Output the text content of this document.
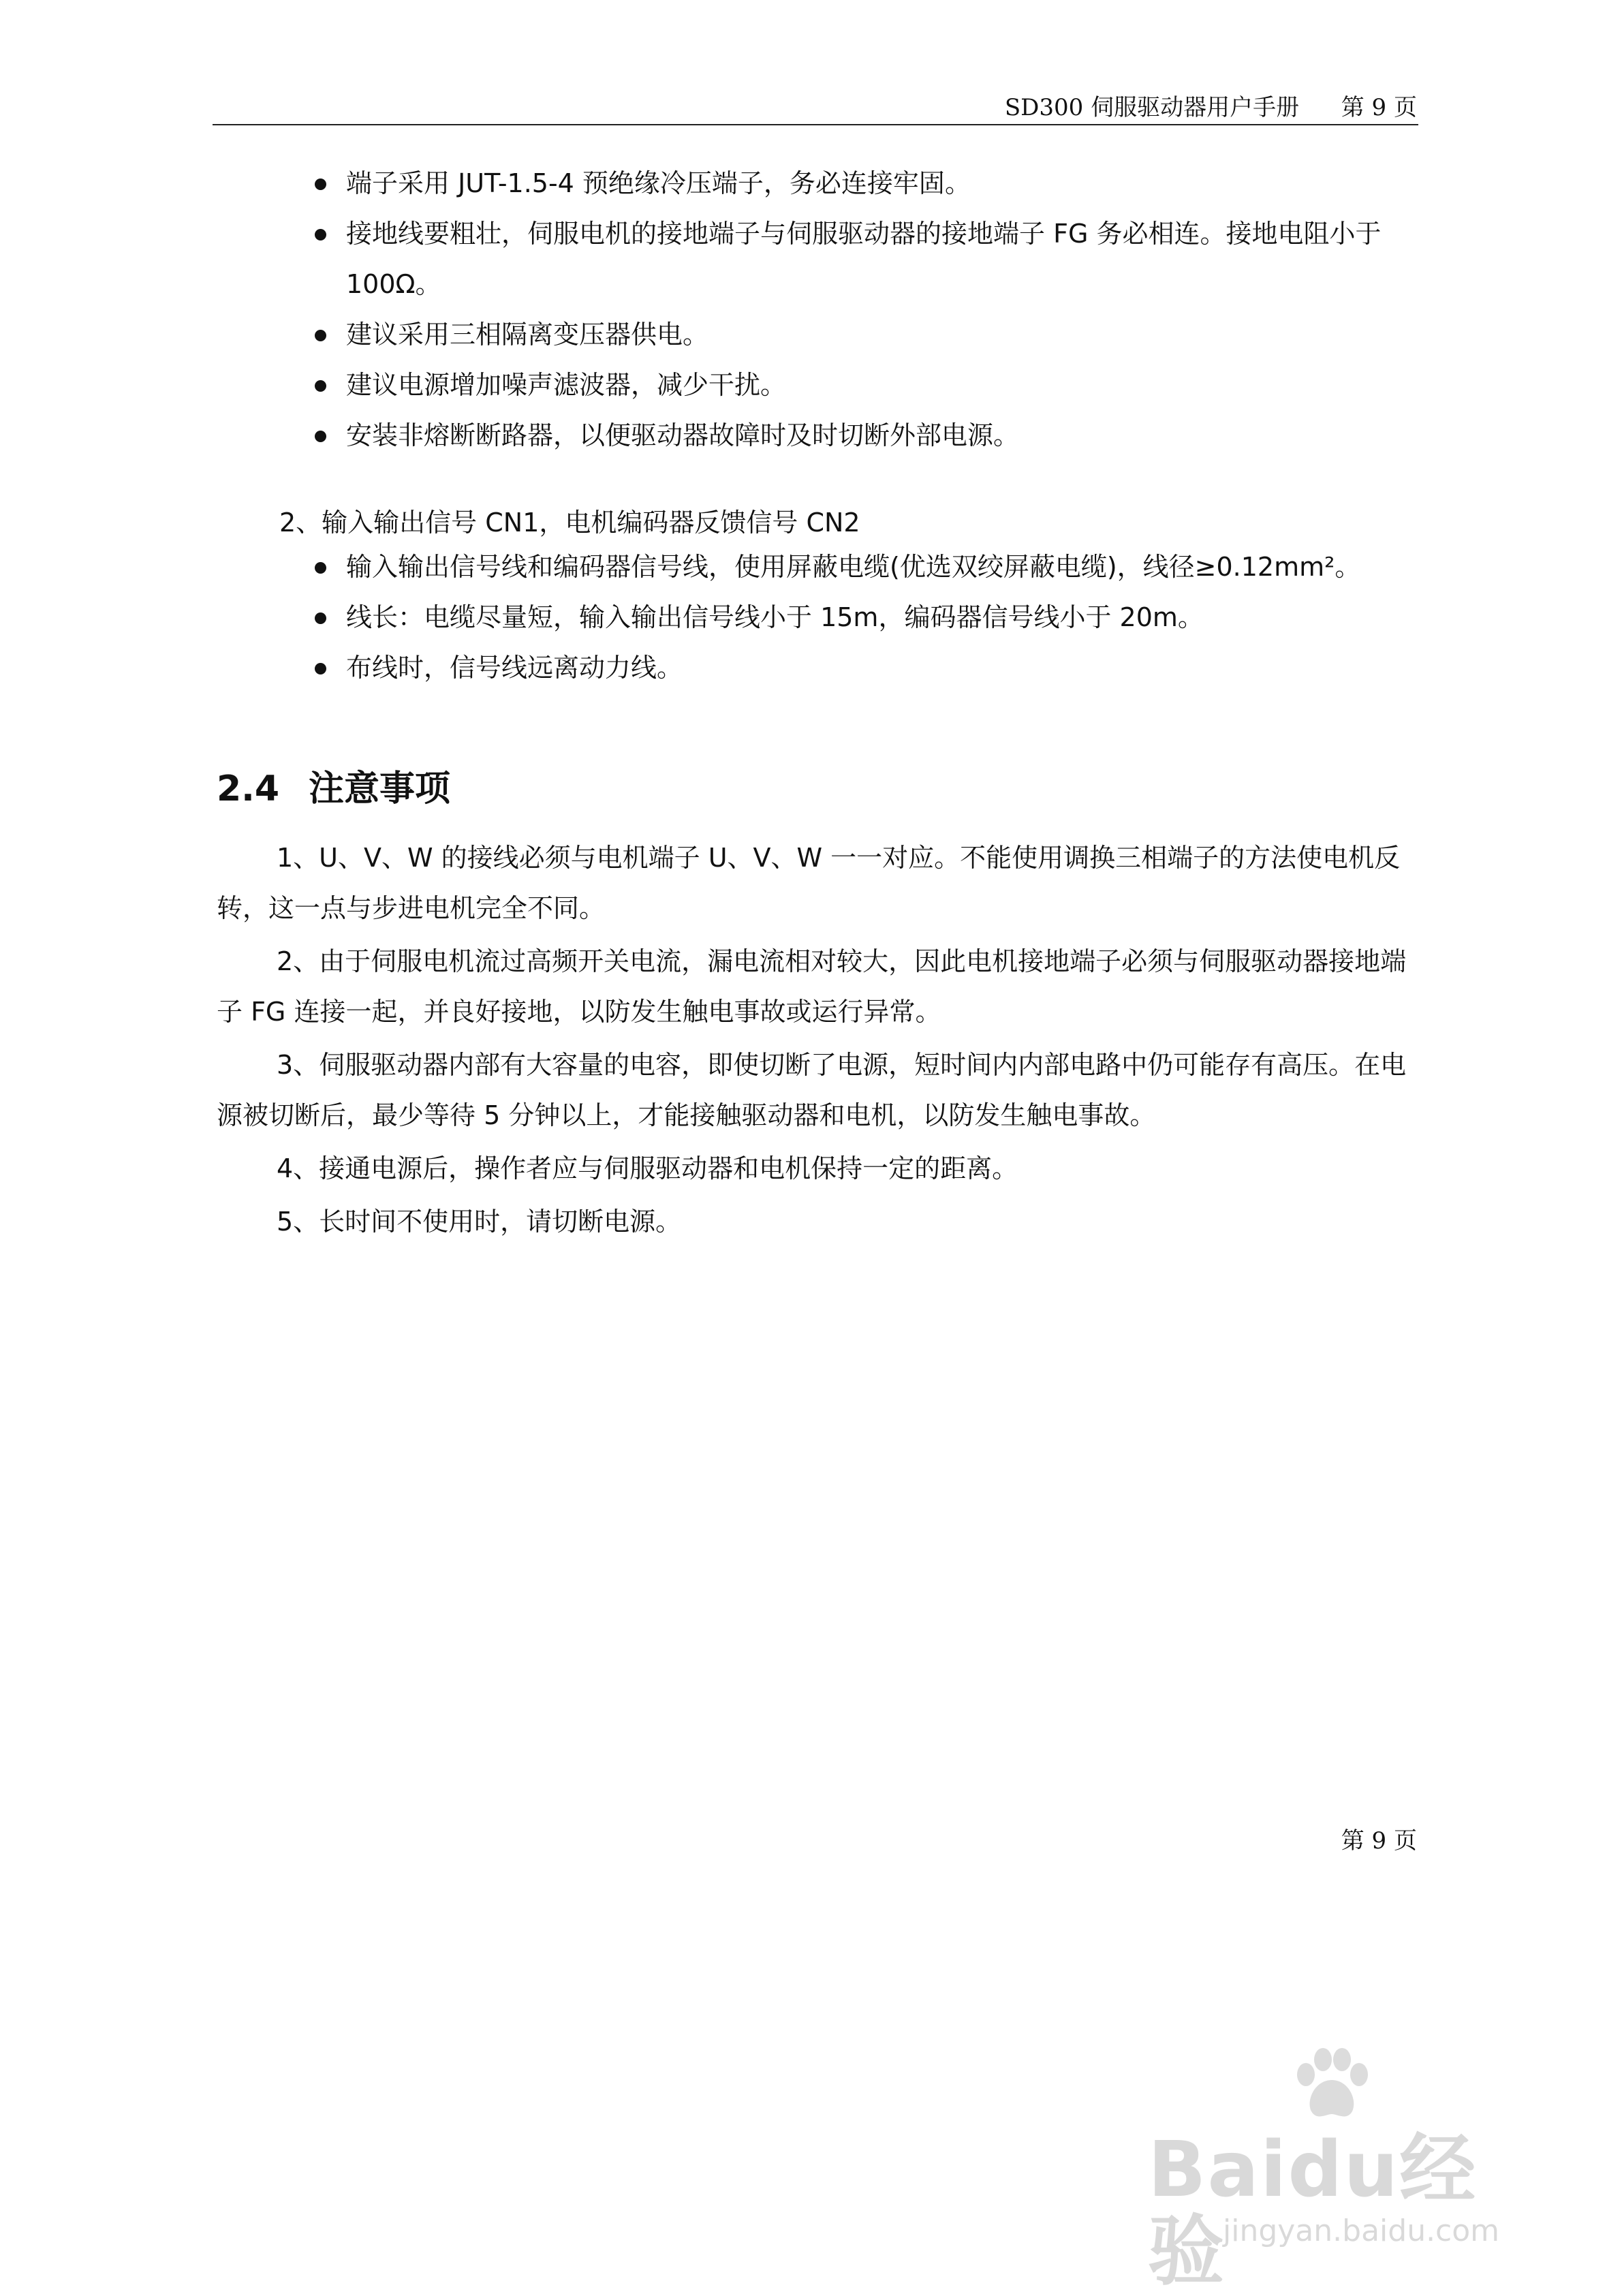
SD300 伺服驱动器用户手册 第 9 页
端子采用 JUT-1.5-4 预绝缘冷压端子，务必连接牢固。
接地线要粗壮，伺服电机的接地端子与伺服驱动器的接地端子 FG 务必相连。接地电阻小于 100Ω。
建议采用三相隔离变压器供电。
建议电源增加噪声滤波器，减少干扰。
安装非熔断断路器，以便驱动器故障时及时切断外部电源。
2、输入输出信号 CN1，电机编码器反馈信号 CN2
输入输出信号线和编码器信号线，使用屏蔽电缆(优选双绞屏蔽电缆)，线径≥0.12mm²。
线长：电缆尽量短，输入输出信号线小于 15m，编码器信号线小于 20m。
布线时，信号线远离动力线。
2.4 注意事项

1、U、V、W 的接线必须与电机端子 U、V、W 一一对应。不能使用调换三相端子的方法使电机反转，这一点与步进电机完全不同。

2、由于伺服电机流过高频开关电流，漏电流相对较大，因此电机接地端子必须与伺服驱动器接地端子 FG 连接一起，并良好接地，以防发生触电事故或运行异常。

3、伺服驱动器内部有大容量的电容，即使切断了电源，短时间内内部电路中仍可能存有高压。在电源被切断后，最少等待 5 分钟以上，才能接触驱动器和电机，以防发生触电事故。

4、接通电源后，操作者应与伺服驱动器和电机保持一定的距离。

5、长时间不使用时，请切断电源。

第 9 页
Baidu经验
jingyan.baidu.com
